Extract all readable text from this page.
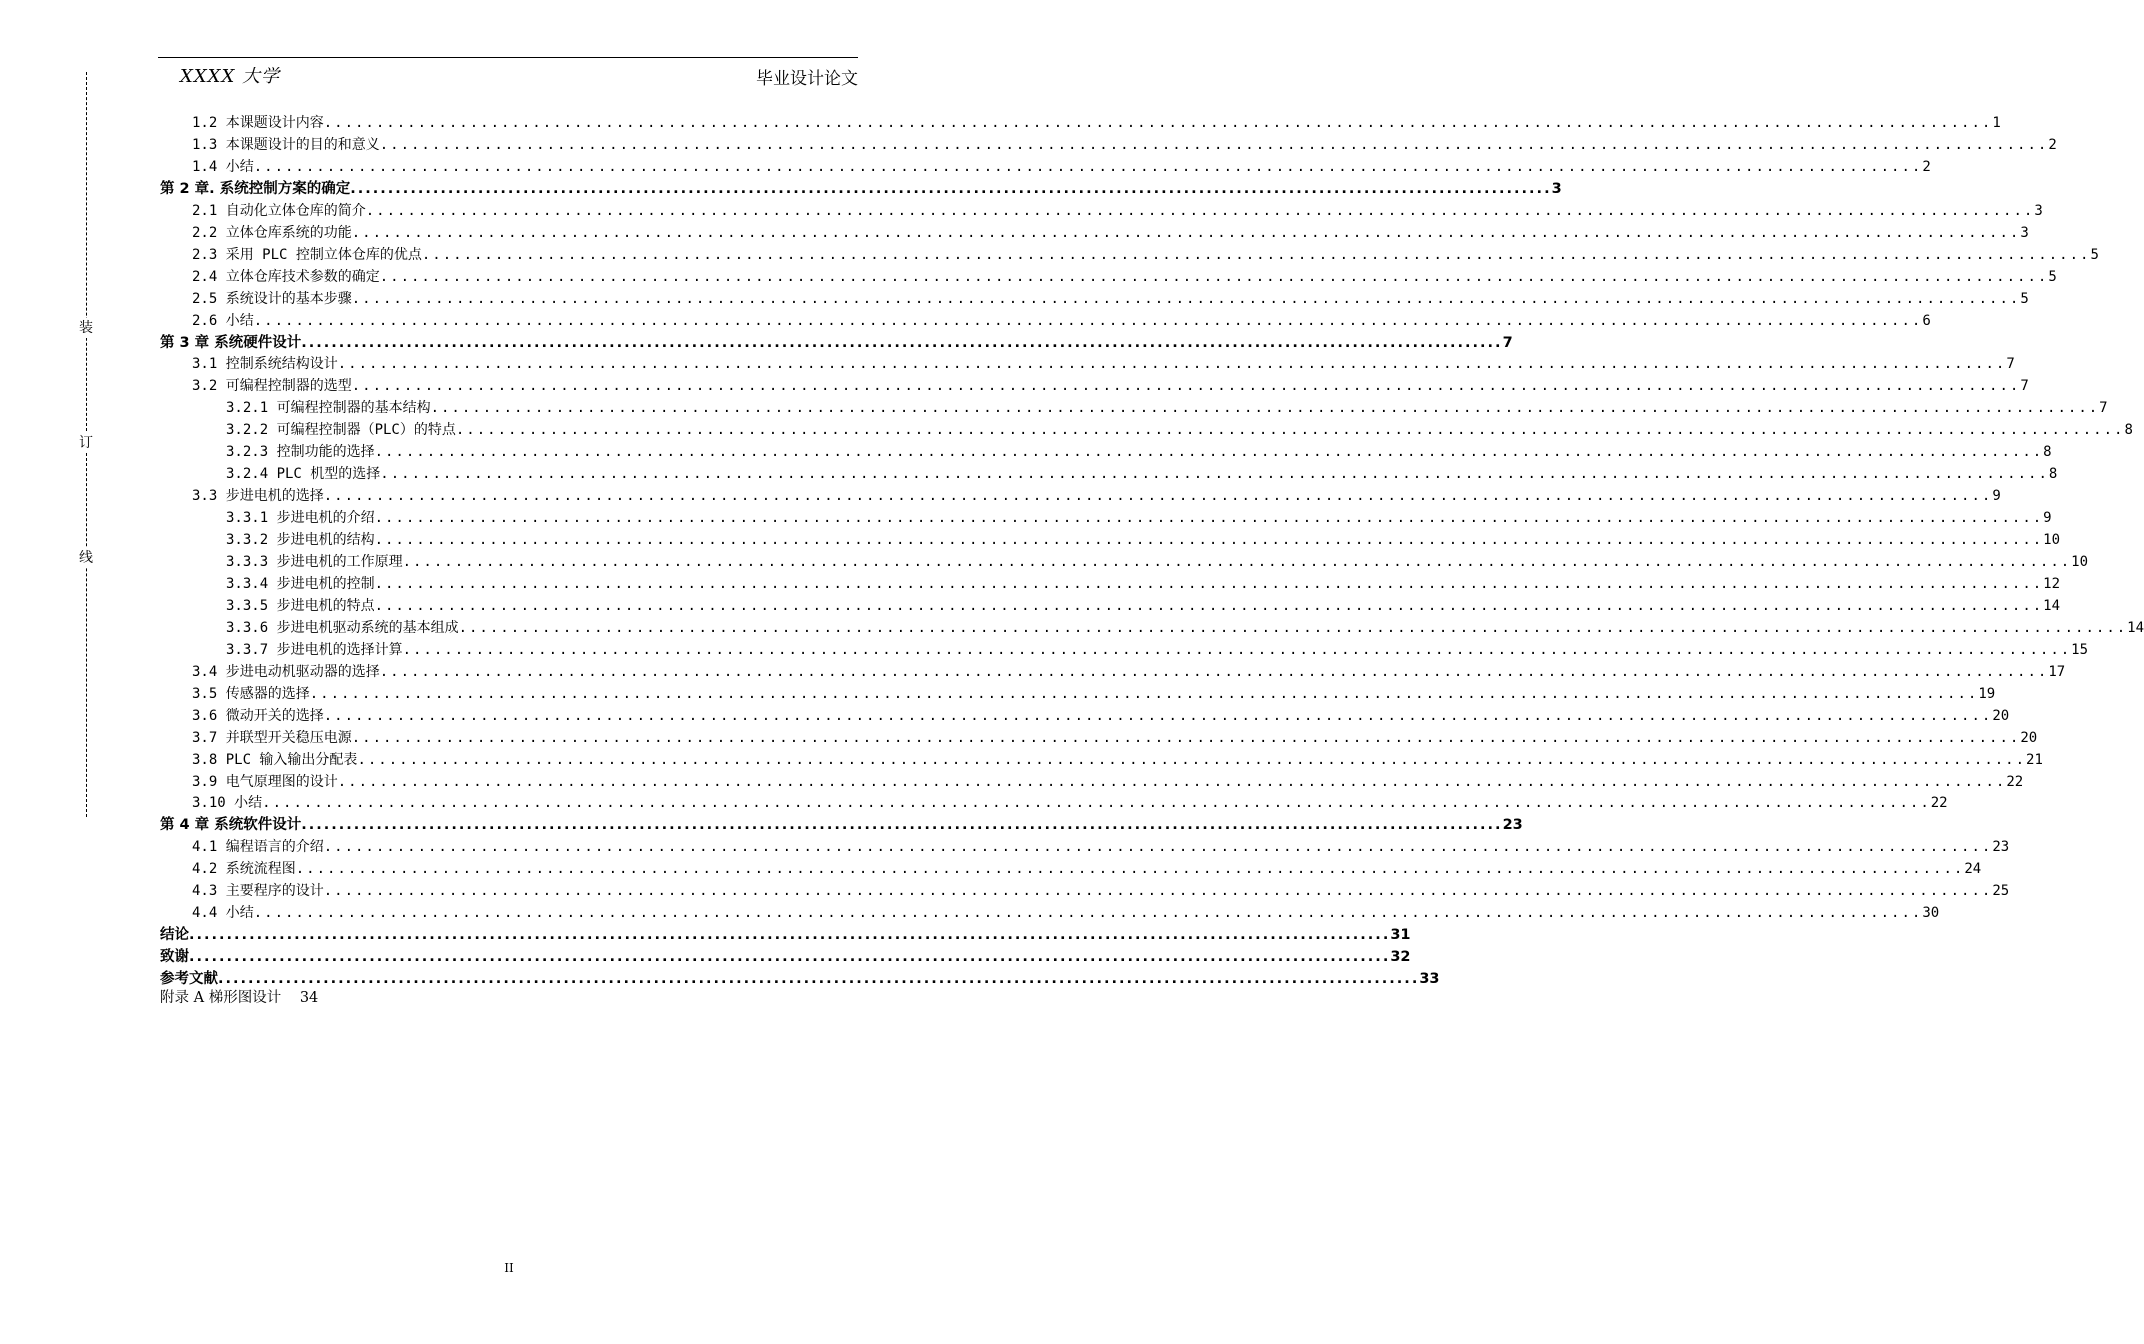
XXXX 大学	毕业设计论文
装
订
线
1.2 本课题设计内容 ................................................................................................................................................................ 1
1.3 本课题设计的目的和意义 ................................................................................................................................................................ 2
1.4 小结 ................................................................................................................................................................ 2
第 2 章. 系统控制方案的确定 ................................................................................................................................................................ 3
2.1 自动化立体仓库的简介 ................................................................................................................................................................ 3
2.2 立体仓库系统的功能 ................................................................................................................................................................ 3
2.3 采用 PLC 控制立体仓库的优点 ................................................................................................................................................................ 5
2.4 立体仓库技术参数的确定 ................................................................................................................................................................ 5
2.5 系统设计的基本步骤 ................................................................................................................................................................ 5
2.6 小结 ................................................................................................................................................................ 6
第 3 章 系统硬件设计 ................................................................................................................................................................ 7
3.1 控制系统结构设计 ................................................................................................................................................................ 7
3.2 可编程控制器的选型 ................................................................................................................................................................ 7
3.2.1 可编程控制器的基本结构 ................................................................................................................................................................ 7
3.2.2 可编程控制器（PLC）的特点 ................................................................................................................................................................ 8
3.2.3 控制功能的选择 ................................................................................................................................................................ 8
3.2.4 PLC 机型的选择 ................................................................................................................................................................ 8
3.3 步进电机的选择 ................................................................................................................................................................ 9
3.3.1 步进电机的介绍 ................................................................................................................................................................ 9
3.3.2 步进电机的结构 ................................................................................................................................................................ 10
3.3.3 步进电机的工作原理 ................................................................................................................................................................ 10
3.3.4 步进电机的控制 ................................................................................................................................................................ 12
3.3.5 步进电机的特点 ................................................................................................................................................................ 14
3.3.6 步进电机驱动系统的基本组成 ................................................................................................................................................................ 14
3.3.7 步进电机的选择计算 ................................................................................................................................................................ 15
3.4 步进电动机驱动器的选择 ................................................................................................................................................................ 17
3.5 传感器的选择 ................................................................................................................................................................ 19
3.6 微动开关的选择 ................................................................................................................................................................ 20
3.7 并联型开关稳压电源 ................................................................................................................................................................ 20
3.8 PLC 输入输出分配表 ................................................................................................................................................................ 21
3.9 电气原理图的设计 ................................................................................................................................................................ 22
3.10 小结 ................................................................................................................................................................ 22
第 4 章 系统软件设计 ................................................................................................................................................................ 23
4.1 编程语言的介绍 ................................................................................................................................................................ 23
4.2 系统流程图 ................................................................................................................................................................ 24
4.3 主要程序的设计 ................................................................................................................................................................ 25
4.4 小结 ................................................................................................................................................................ 30
结论 ................................................................................................................................................................ 31
致谢 ................................................................................................................................................................ 32
参考文献 ................................................................................................................................................................ 33
附录 A 梯形图设计 34
II
